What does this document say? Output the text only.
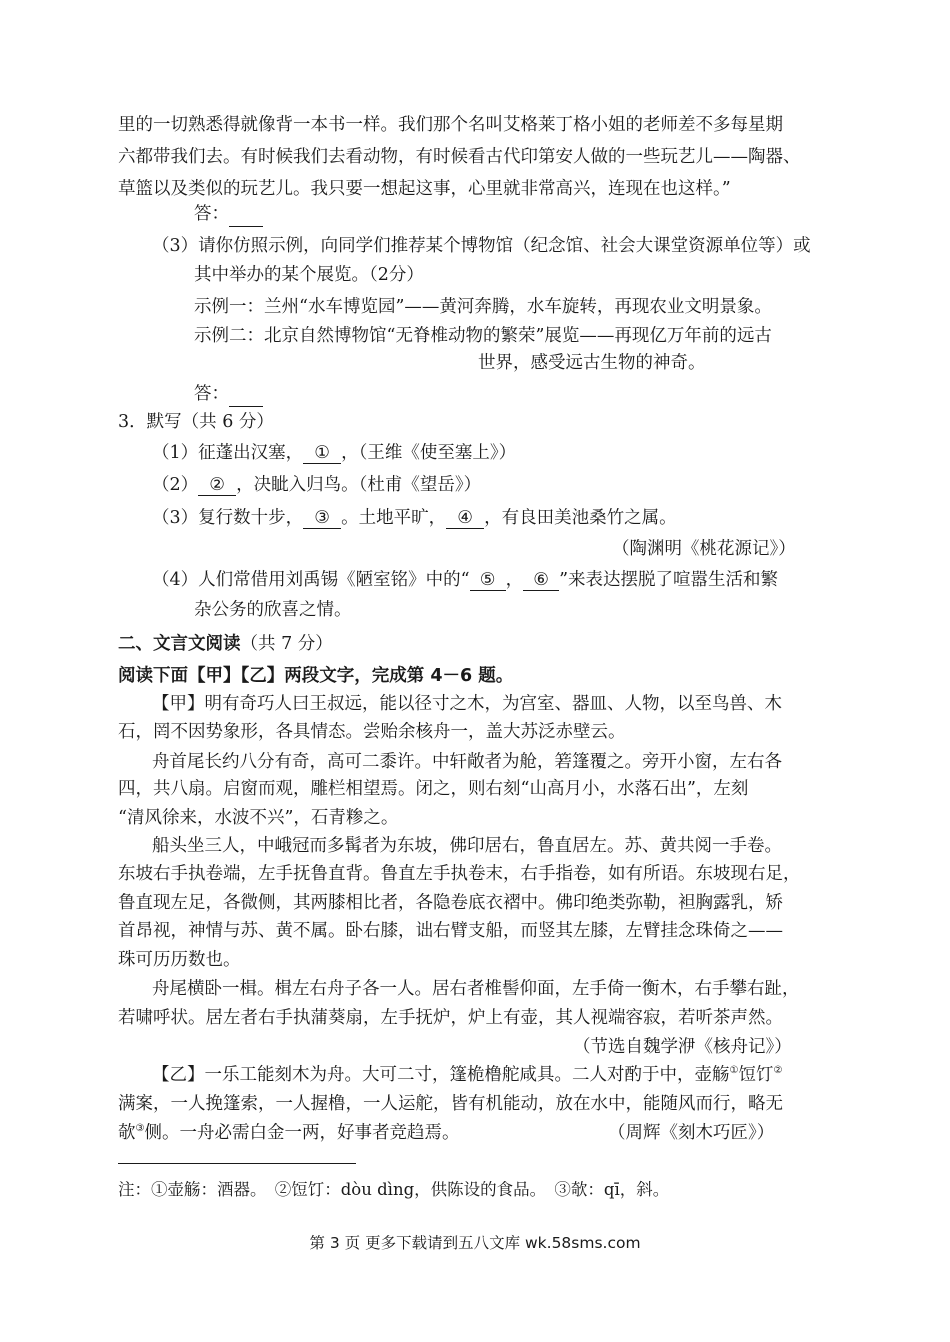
里的一切熟悉得就像背一本书一样。我们那个名叫艾格莱丁格小姐的老师差不多每星期
六都带我们去。有时候我们去看动物，有时候看古代印第安人做的一些玩艺儿——陶器、
草篮以及类似的玩艺儿。我只要一想起这事，心里就非常高兴，连现在也这样。”
答：
（3）请你仿照示例，向同学们推荐某个博物馆（纪念馆、社会大课堂资源单位等）或
其中举办的某个展览。（2分）
示例一：兰州“水车博览园”——黄河奔腾，水车旋转，再现农业文明景象。
示例二：北京自然博物馆“无脊椎动物的繁荣”展览——再现亿万年前的远古
世界，感受远古生物的神奇。
答：
3．默写（共 6 分）
（1）征蓬出汉塞， ① ，（王维《使至塞上》）
（2） ② ，决眦入归鸟。（杜甫《望岳》）
（3）复行数十步， ③ 。土地平旷， ④ ，有良田美池桑竹之属。
（陶渊明《桃花源记》）
（4）人们常借用刘禹锡《陋室铭》中的“ ⑤ ， ⑥ ”来表达摆脱了喧嚣生活和繁
杂公务的欣喜之情。
二、文言文阅读（共 7 分）
阅读下面【甲】【乙】两段文字，完成第 4－6 题。
【甲】明有奇巧人曰王叔远，能以径寸之木，为宫室、器皿、人物，以至鸟兽、木
石，罔不因势象形，各具情态。尝贻余核舟一，盖大苏泛赤壁云。
舟首尾长约八分有奇，高可二黍许。中轩敞者为舱，箬篷覆之。旁开小窗，左右各
四，共八扇。启窗而观，雕栏相望焉。闭之，则右刻“山高月小，水落石出”，左刻
“清风徐来，水波不兴”，石青糁之。
船头坐三人，中峨冠而多髯者为东坡，佛印居右，鲁直居左。苏、黄共阅一手卷。
东坡右手执卷端，左手抚鲁直背。鲁直左手执卷末，右手指卷，如有所语。东坡现右足，
鲁直现左足，各微侧，其两膝相比者，各隐卷底衣褶中。佛印绝类弥勒，袒胸露乳，矫
首昂视，神情与苏、黄不属。卧右膝，诎右臂支船，而竖其左膝，左臂挂念珠倚之——
珠可历历数也。
舟尾横卧一楫。楫左右舟子各一人。居右者椎髻仰面，左手倚一衡木，右手攀右趾，
若啸呼状。居左者右手执蒲葵扇，左手抚炉，炉上有壶，其人视端容寂，若听茶声然。
（节选自魏学洢《核舟记》）
【乙】一乐工能刻木为舟。大可二寸，篷桅橹舵咸具。二人对酌于中，壶觞①饾饤②
满案，一人挽篷索，一人握橹，一人运舵，皆有机能动，放在水中，能随风而行，略无
欹③侧。一舟必需白金一两，好事者竞趋焉。	（周辉《刻木巧匠》）
注：①壶觞：酒器。　②饾饤：dòu dìng，供陈设的食品。　③欹：qī，斜。
第 3 页 更多下载请到五八文库 wk.58sms.com
